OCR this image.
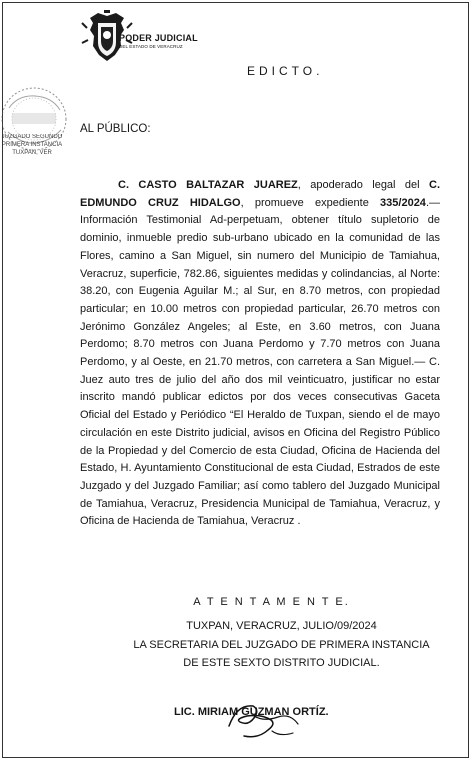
PODER JUDICIAL
DEL ESTADO DE VERACRUZ
EDICTO.
JUZGADO SEGUNDO
PRIMERA INSTANCIA
TUXPAN, VER
AL PÚBLICO:

C. CASTO BALTAZAR JUAREZ, apoderado legal del C. EDMUNDO CRUZ HIDALGO, promueve expediente 335/2024.—Información Testimonial Ad-perpetuam, obtener título supletorio de dominio, inmueble predio sub-urbano ubicado en la comunidad de las Flores, camino a San Miguel, sin numero del Municipio de Tamiahua, Veracruz, superficie, 782.86, siguientes medidas y colindancias, al Norte: 38.20, con Eugenia Aguilar M.; al Sur, en 8.70 metros, con propiedad particular; en 10.00 metros con propiedad particular, 26.70 metros con Jerónimo González Angeles; al Este, en 3.60 metros, con Juana Perdomo; 8.70 metros con Juana Perdomo y 7.70 metros con Juana Perdomo, y al Oeste, en 21.70 metros, con carretera a San Miguel.— C. Juez auto tres de julio del año dos mil veinticuatro, justificar no estar inscrito mandó publicar edictos por dos veces consecutivas Gaceta Oficial del Estado y Periódico “El Heraldo de Tuxpan, siendo el de mayo circulación en este Distrito judicial, avisos en Oficina del Registro Público de la Propiedad y del Comercio de esta Ciudad, Oficina de Hacienda del Estado, H. Ayuntamiento Constitucional de esta Ciudad, Estrados de este Juzgado y del Juzgado Familiar; así como tablero del Juzgado Municipal de Tamiahua, Veracruz, Presidencia Municipal de Tamiahua, Veracruz, y Oficina de Hacienda de Tamiahua, Veracruz .

A T E N T A M E N T E.
TUXPAN, VERACRUZ, JULIO/09/2024
LA SECRETARIA DEL JUZGADO DE PRIMERA INSTANCIA
DE ESTE SEXTO DISTRITO JUDICIAL.
LIC. MIRIAM GUZMAN ORTÍZ.
